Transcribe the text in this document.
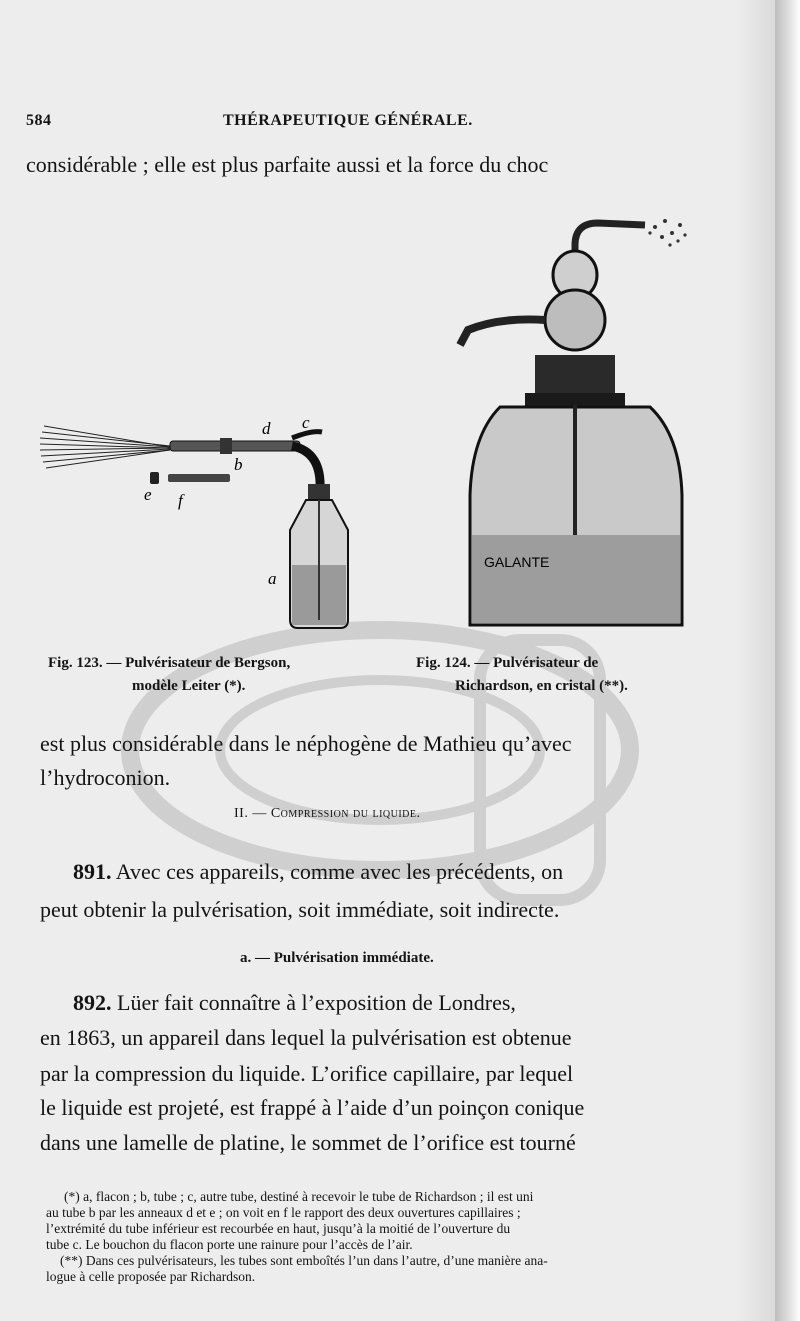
584	THÉRAPEUTIQUE GÉNÉRALE.
considérable ; elle est plus parfaite aussi et la force du choc
d c
b
e f
a
GALANTE
Fig. 123. — Pulvérisateur de Bergson,
modèle Leiter (*).
Fig. 124. — Pulvérisateur de
Richardson, en cristal (**).
est plus considérable dans le néphogène de Mathieu qu’avec
l’hydroconion.
II. — Compression du liquide.
891. Avec ces appareils, comme avec les précédents, on
peut obtenir la pulvérisation, soit immédiate, soit indirecte.
a. — Pulvérisation immédiate.
892. Lüer fait connaître à l’exposition de Londres,
en 1863, un appareil dans lequel la pulvérisation est obtenue
par la compression du liquide. L’orifice capillaire, par lequel
le liquide est projeté, est frappé à l’aide d’un poinçon conique
dans une lamelle de platine, le sommet de l’orifice est tourné
(*) a, flacon ; b, tube ; c, autre tube, destiné à recevoir le tube de Richardson ; il est uni
au tube b par les anneaux d et e ; on voit en f le rapport des deux ouvertures capillaires ;
l’extrémité du tube inférieur est recourbée en haut, jusqu’à la moitié de l’ouverture du
tube c. Le bouchon du flacon porte une rainure pour l’accès de l’air.
(**) Dans ces pulvérisateurs, les tubes sont emboîtés l’un dans l’autre, d’une manière ana-
logue à celle proposée par Richardson.
